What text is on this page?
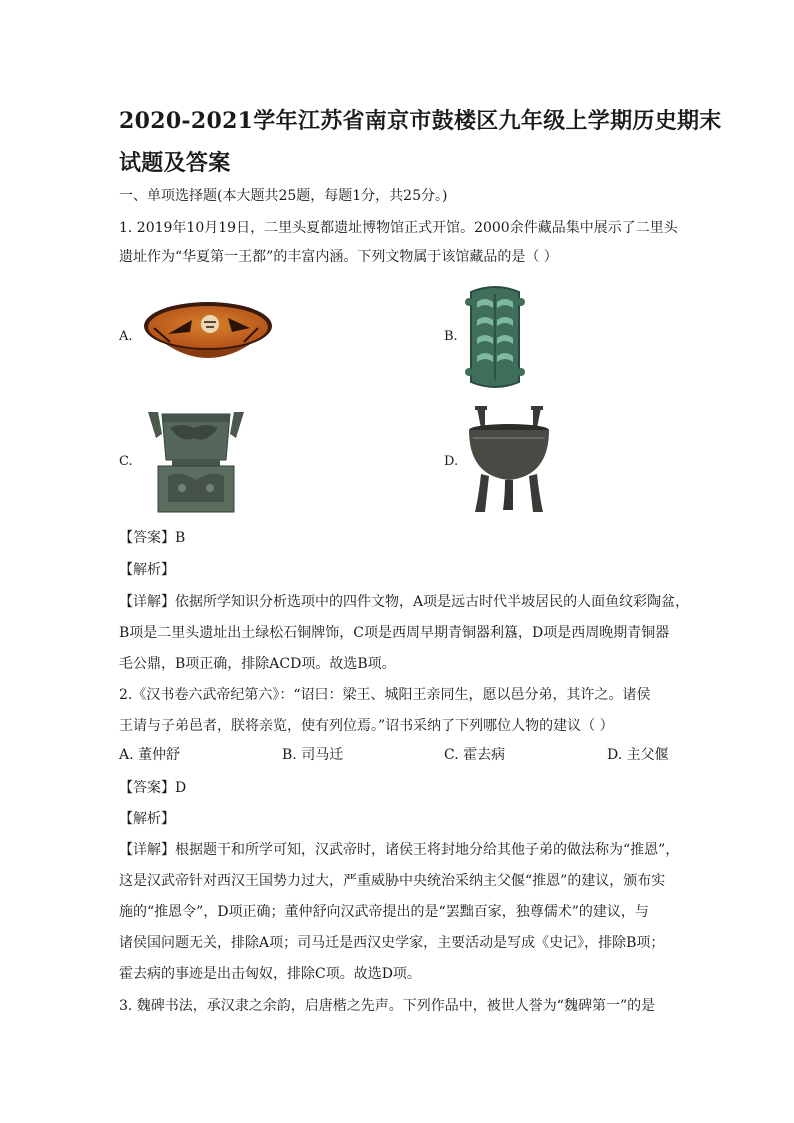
2020-2021学年江苏省南京市鼓楼区九年级上学期历史期末
试题及答案
一、单项选择题(本大题共25题，每题1分，共25分。)
1. 2019年10月19日，二里头夏都遗址博物馆正式开馆。2000余件藏品集中展示了二里头
遗址作为“华夏第一王都”的丰富内涵。下列文物属于该馆藏品的是（ ）
A.	B.
C.	D.
【答案】B
【解析】
【详解】依据所学知识分析选项中的四件文物，A项是远古时代半坡居民的人面鱼纹彩陶盆，
B项是二里头遗址出土绿松石铜牌饰，C项是西周早期青铜器利簋，D项是西周晚期青铜器
毛公鼎，B项正确，排除ACD项。故选B项。
2.《汉书卷六武帝纪第六》：“诏曰：梁王、城阳王亲同生，愿以邑分弟，其许之。诸侯
王请与子弟邑者，朕将亲览，使有列位焉。”诏书采纳了下列哪位人物的建议（ ）
A. 董仲舒	B. 司马迁	C. 霍去病	D. 主父偃
【答案】D
【解析】
【详解】根据题干和所学可知，汉武帝时，诸侯王将封地分给其他子弟的做法称为“推恩”，
这是汉武帝针对西汉王国势力过大，严重威胁中央统治采纳主父偃“推恩”的建议，颁布实
施的“推恩令”，D项正确；董仲舒向汉武帝提出的是“罢黜百家，独尊儒术”的建议，与
诸侯国问题无关，排除A项；司马迁是西汉史学家，主要活动是写成《史记》，排除B项；
霍去病的事迹是出击匈奴，排除C项。故选D项。
3. 魏碑书法，承汉隶之余韵，启唐楷之先声。下列作品中，被世人誉为“魏碑第一”的是
